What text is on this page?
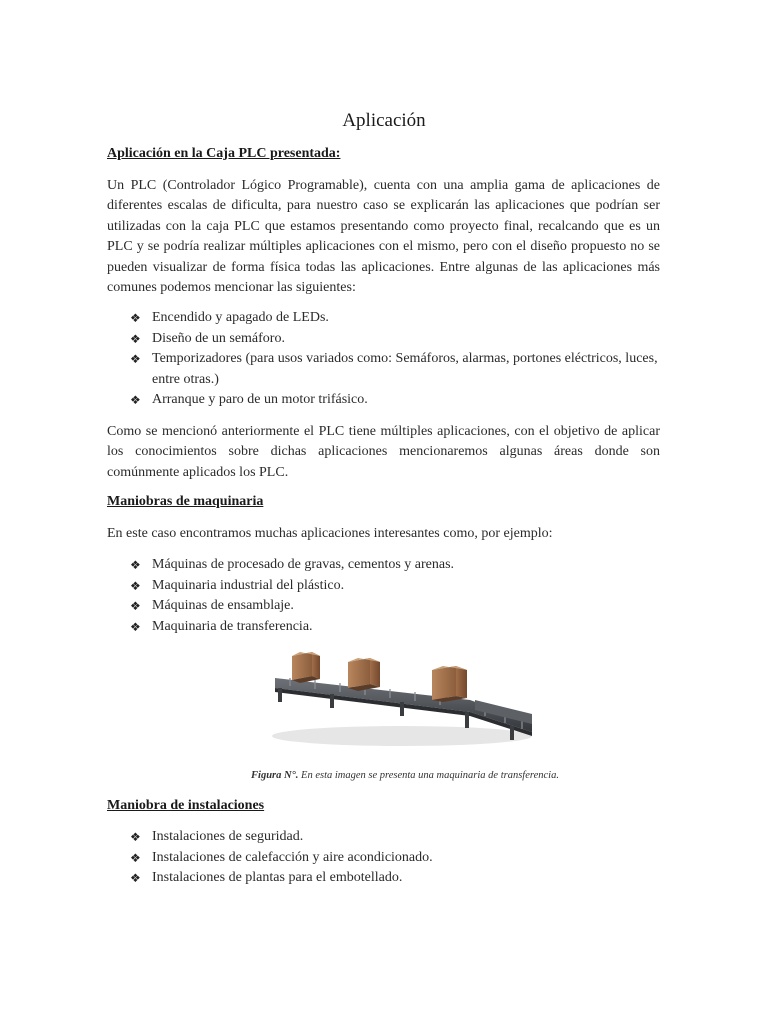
Aplicación
Aplicación en la Caja PLC presentada:

Un PLC (Controlador Lógico Programable), cuenta con una amplia gama de aplicaciones de diferentes escalas de dificulta, para nuestro caso se explicarán las aplicaciones que podrían ser utilizadas con la caja PLC que estamos presentando como proyecto final, recalcando que es un PLC y se podría realizar múltiples aplicaciones con el mismo, pero con el diseño propuesto no se pueden visualizar de forma física todas las aplicaciones. Entre algunas de las aplicaciones más comunes podemos mencionar las siguientes:

❖ Encendido y apagado de LEDs.
❖ Diseño de un semáforo.
❖ Temporizadores (para usos variados como: Semáforos, alarmas, portones eléctricos, luces, entre otras.)
❖ Arranque y paro de un motor trifásico.

Como se mencionó anteriormente el PLC tiene múltiples aplicaciones, con el objetivo de aplicar los conocimientos sobre dichas aplicaciones mencionaremos algunas áreas donde son comúnmente aplicados los PLC.

Maniobras de maquinaria

En este caso encontramos muchas aplicaciones interesantes como, por ejemplo:

❖ Máquinas de procesado de gravas, cementos y arenas.
❖ Maquinaria industrial del plástico.
❖ Máquinas de ensamblaje.
❖ Maquinaria de transferencia.
Figura N°. En esta imagen se presenta una maquinaria de transferencia.
Maniobra de instalaciones
❖ Instalaciones de seguridad.
❖ Instalaciones de calefacción y aire acondicionado.
❖ Instalaciones de plantas para el embotellado.
